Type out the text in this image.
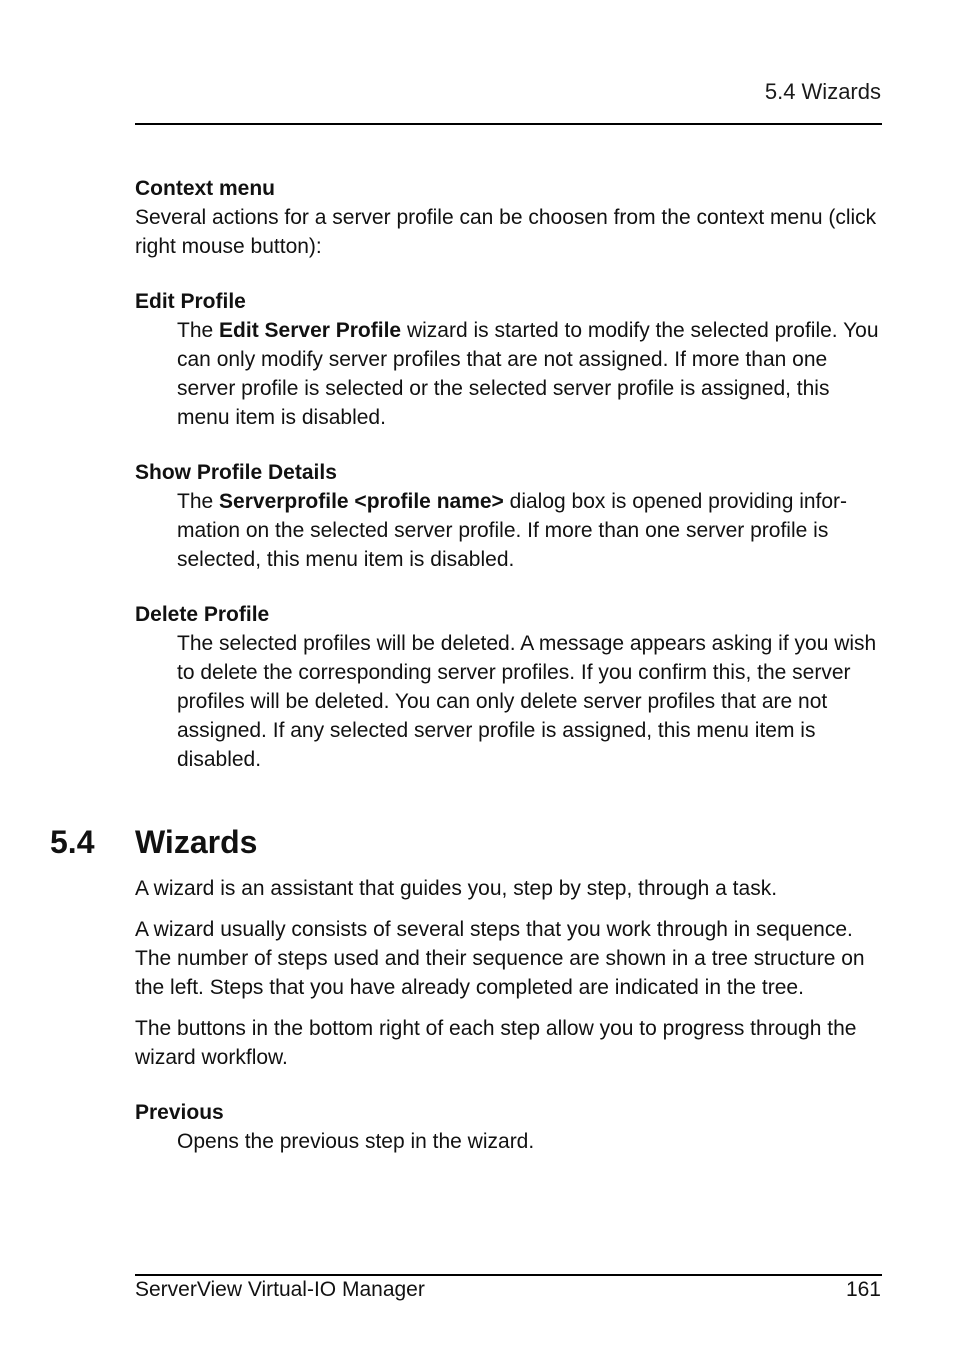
5.4 Wizards

Context menu

Several actions for a server profile can be choosen from the context menu (click right mouse button):

Edit Profile

The Edit Server Profile wizard is started to modify the selected profile. You can only modify server profiles that are not assigned. If more than one server profile is selected or the selected server profile is assigned, this menu item is disabled.

Show Profile Details

The Serverprofile <profile name> dialog box is opened providing infor-mation on the selected server profile. If more than one server profile is selected, this menu item is disabled.

Delete Profile

The selected profiles will be deleted. A message appears asking if you wish to delete the corresponding server profiles. If you confirm this, the server profiles will be deleted. You can only delete server profiles that are not assigned. If any selected server profile is assigned, this menu item is disabled.

5.4 Wizards

A wizard is an assistant that guides you, step by step, through a task.

A wizard usually consists of several steps that you work through in sequence. The number of steps used and their sequence are shown in a tree structure on the left. Steps that you have already completed are indicated in the tree.

The buttons in the bottom right of each step allow you to progress through the wizard workflow.

Previous

Opens the previous step in the wizard.

ServerView Virtual-IO Manager	161
